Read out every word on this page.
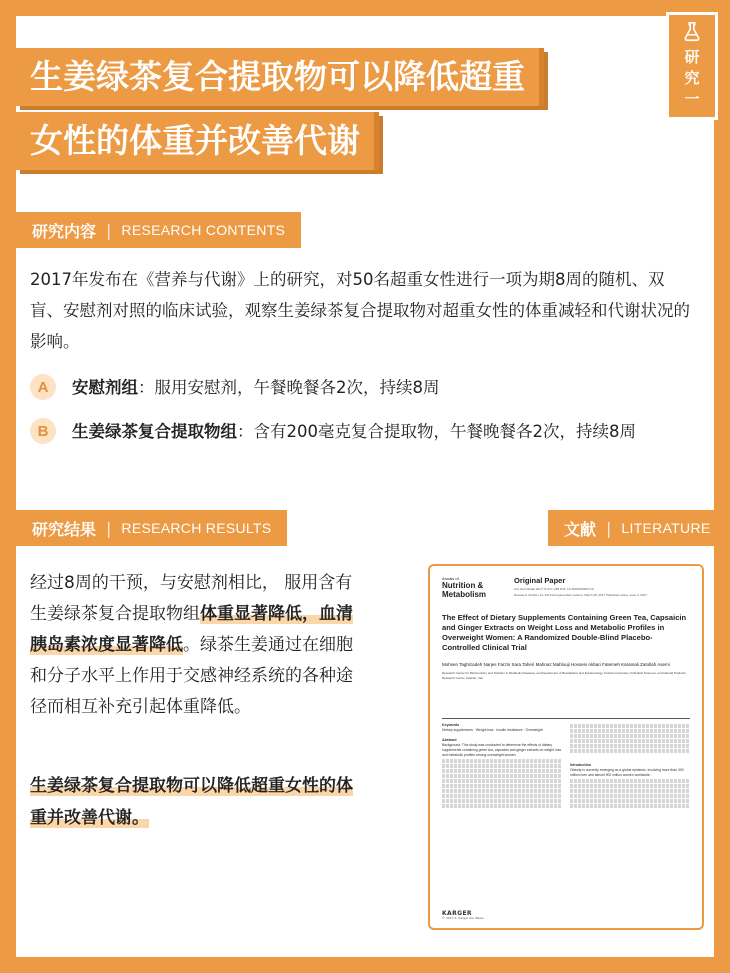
研究一
生姜绿茶复合提取物可以降低超重
女性的体重并改善代谢
研究内容 | RESEARCH CONTENTS
2017年发布在《营养与代谢》上的研究，对50名超重女性进行一项为期8周的随机、双盲、安慰剂对照的临床试验，观察生姜绿茶复合提取物对超重女性的体重减轻和代谢状况的影响。
A	安慰剂组：服用安慰剂，午餐晚餐各2次，持续8周
B	生姜绿茶复合提取物组：含有200毫克复合提取物，午餐晚餐各2次，持续8周
研究结果 | RESEARCH RESULTS
经过8周的干预，与安慰剂相比， 服用含有生姜绿茶复合提取物组体重显著降低，血清胰岛素浓度显著降低。绿茶生姜通过在细胞和分子水平上作用于交感神经系统的各种途径而相互补充引起体重降低。
生姜绿茶复合提取物可以降低超重女性的体重并改善代谢。
文献 | LITERATURE
Annals of
Nutrition & Metabolism
Original Paper
Ann Nutr Metab 2017;71:277–283 DOI: 10.1159/000481719
Received: October 14, 2016 Accepted after revision: March 28, 2017 Published online: June 3, 2017
The Effect of Dietary Supplements Containing Green Tea, Capsaicin and Ginger Extracts on Weight Loss and Metabolic Profiles in Overweight Women: A Randomized Double-Blind Placebo-Controlled Clinical Trial
Mohsen Taghizadeh Narjes Farzin Sara Taheri Mahnaz Mahlouji Hossein Akbari Fatemeh Karamali Zatollah Asemi
Research Center for Biochemistry and Nutrition in Metabolic Diseases, and Department of Biostatistics and Epidemiology, Kashan University of Medical Sciences, and Natural Products Research Center, Kashan, Iran
Keywords
Dietary supplements · Weight loss · Insulin resistance · Overweight
Abstract
Background: This study was conducted to determine the effects of dietary supplements containing green tea, capsaicin and ginger extracts on weight loss and metabolic profiles among overweight women.
Introduction
Obesity is currently emerging as a global epidemic, involving more than 300 million men and almost 900 million women worldwide.
KARGER
© 2017 S. Karger AG, Basel
